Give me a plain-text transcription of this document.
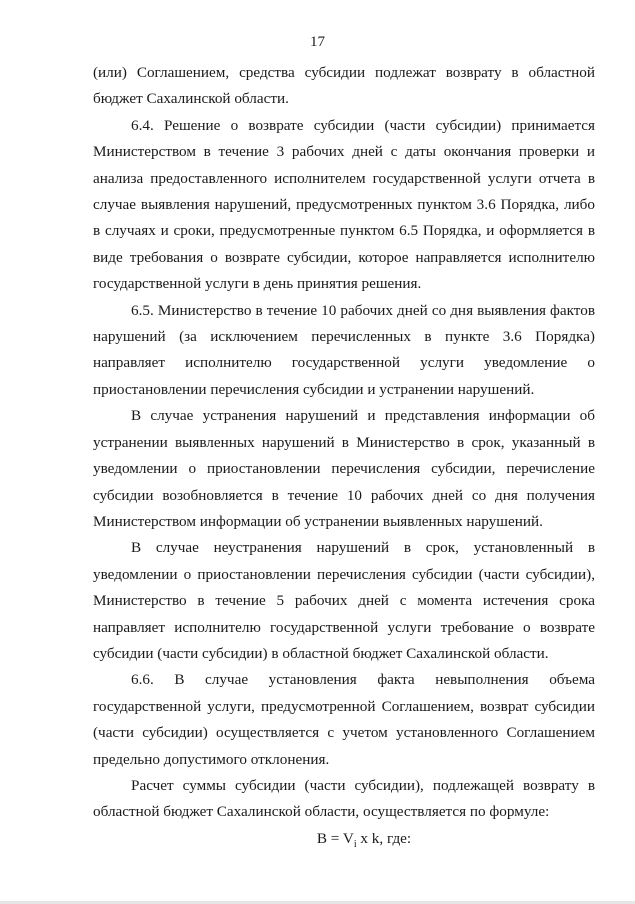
17

(или) Соглашением, средства субсидии подлежат возврату в областной бюджет Сахалинской области.

6.4. Решение о возврате субсидии (части субсидии) принимается Министерством в течение 3 рабочих дней с даты окончания проверки и анализа предоставленного исполнителем государственной услуги отчета в случае выявления нарушений, предусмотренных пунктом 3.6 Порядка, либо в случаях и сроки, предусмотренные пунктом 6.5 Порядка, и оформляется в виде требования о возврате субсидии, которое направляется исполнителю государственной услуги в день принятия решения.

6.5. Министерство в течение 10 рабочих дней со дня выявления фактов нарушений (за исключением перечисленных в пункте 3.6 Порядка) направляет исполнителю государственной услуги уведомление о приостановлении перечисления субсидии и устранении нарушений.

В случае устранения нарушений и представления информации об устранении выявленных нарушений в Министерство в срок, указанный в уведомлении о приостановлении перечисления субсидии, перечисление субсидии возобновляется в течение 10 рабочих дней со дня получения Министерством информации об устранении выявленных нарушений.

В случае неустранения нарушений в срок, установленный в уведомлении о приостановлении перечисления субсидии (части субсидии), Министерство в течение 5 рабочих дней с момента истечения срока направляет исполнителю государственной услуги требование о возврате субсидии (части субсидии) в областной бюджет Сахалинской области.

6.6. В случае установления факта невыполнения объема государственной услуги, предусмотренной Соглашением, возврат субсидии (части субсидии) осуществляется с учетом установленного Соглашением предельно допустимого отклонения.

Расчет суммы субсидии (части субсидии), подлежащей возврату в областной бюджет Сахалинской области, осуществляется по формуле:

$B = V_i$ x k, где:
